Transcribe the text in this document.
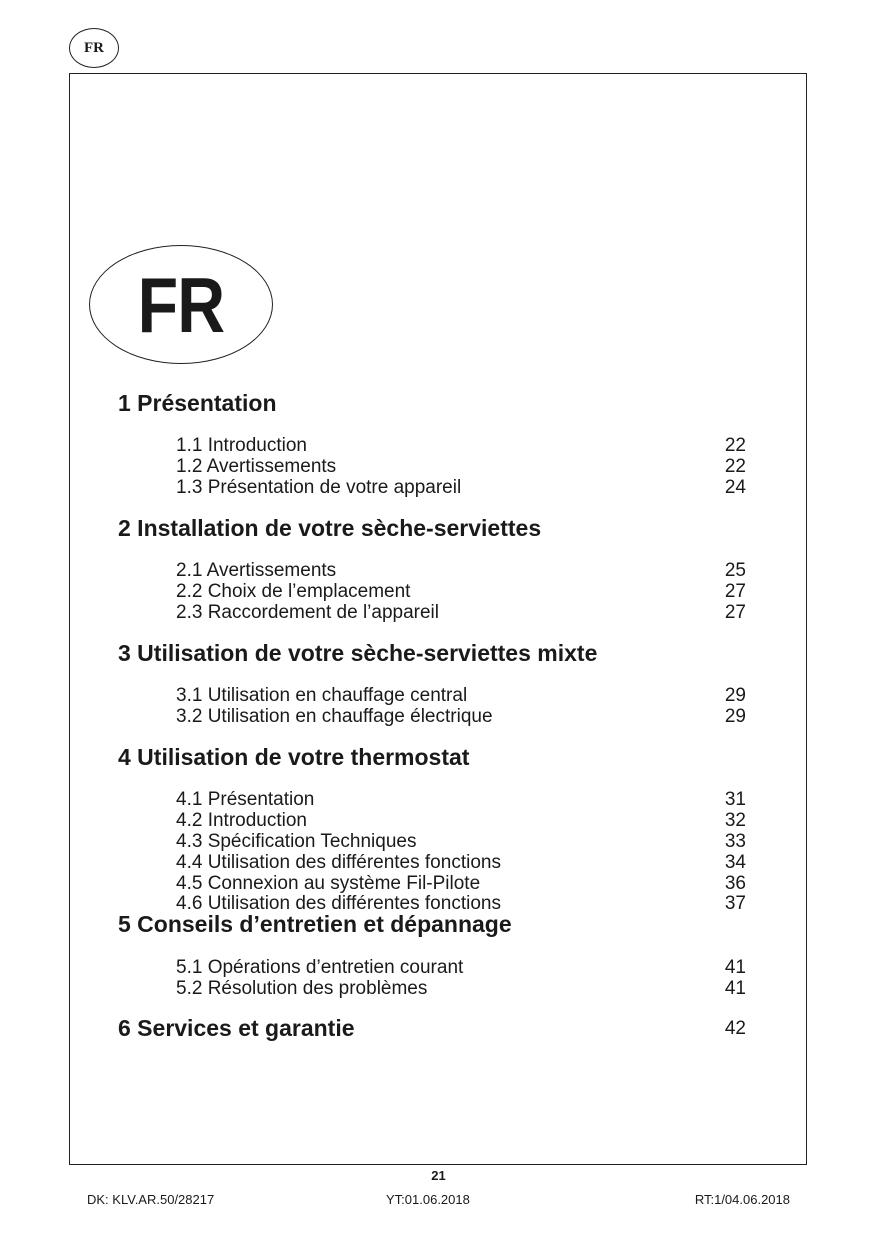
FR
FR
1 Présentation
1.1 Introduction	22
1.2 Avertissements	22
1.3 Présentation de votre appareil	24
2 Installation de votre sèche-serviettes
2.1 Avertissements	25
2.2 Choix de l’emplacement	27
2.3 Raccordement de l’appareil	27
3 Utilisation de votre sèche-serviettes mixte
3.1 Utilisation en chauffage central	29
3.2 Utilisation en chauffage électrique	29
4 Utilisation de votre thermostat
4.1 Présentation	31
4.2 Introduction	32
4.3 Spécification Techniques	33
4.4 Utilisation des différentes fonctions	34
4.5 Connexion au système Fil-Pilote	36
4.6 Utilisation des différentes fonctions	37
5 Conseils d’entretien et dépannage
5.1 Opérations d’entretien courant	41
5.2 Résolution des problèmes	41
6 Services et garantie	42
21
DK: KLV.AR.50/28217	YT:01.06.2018	RT:1/04.06.2018
